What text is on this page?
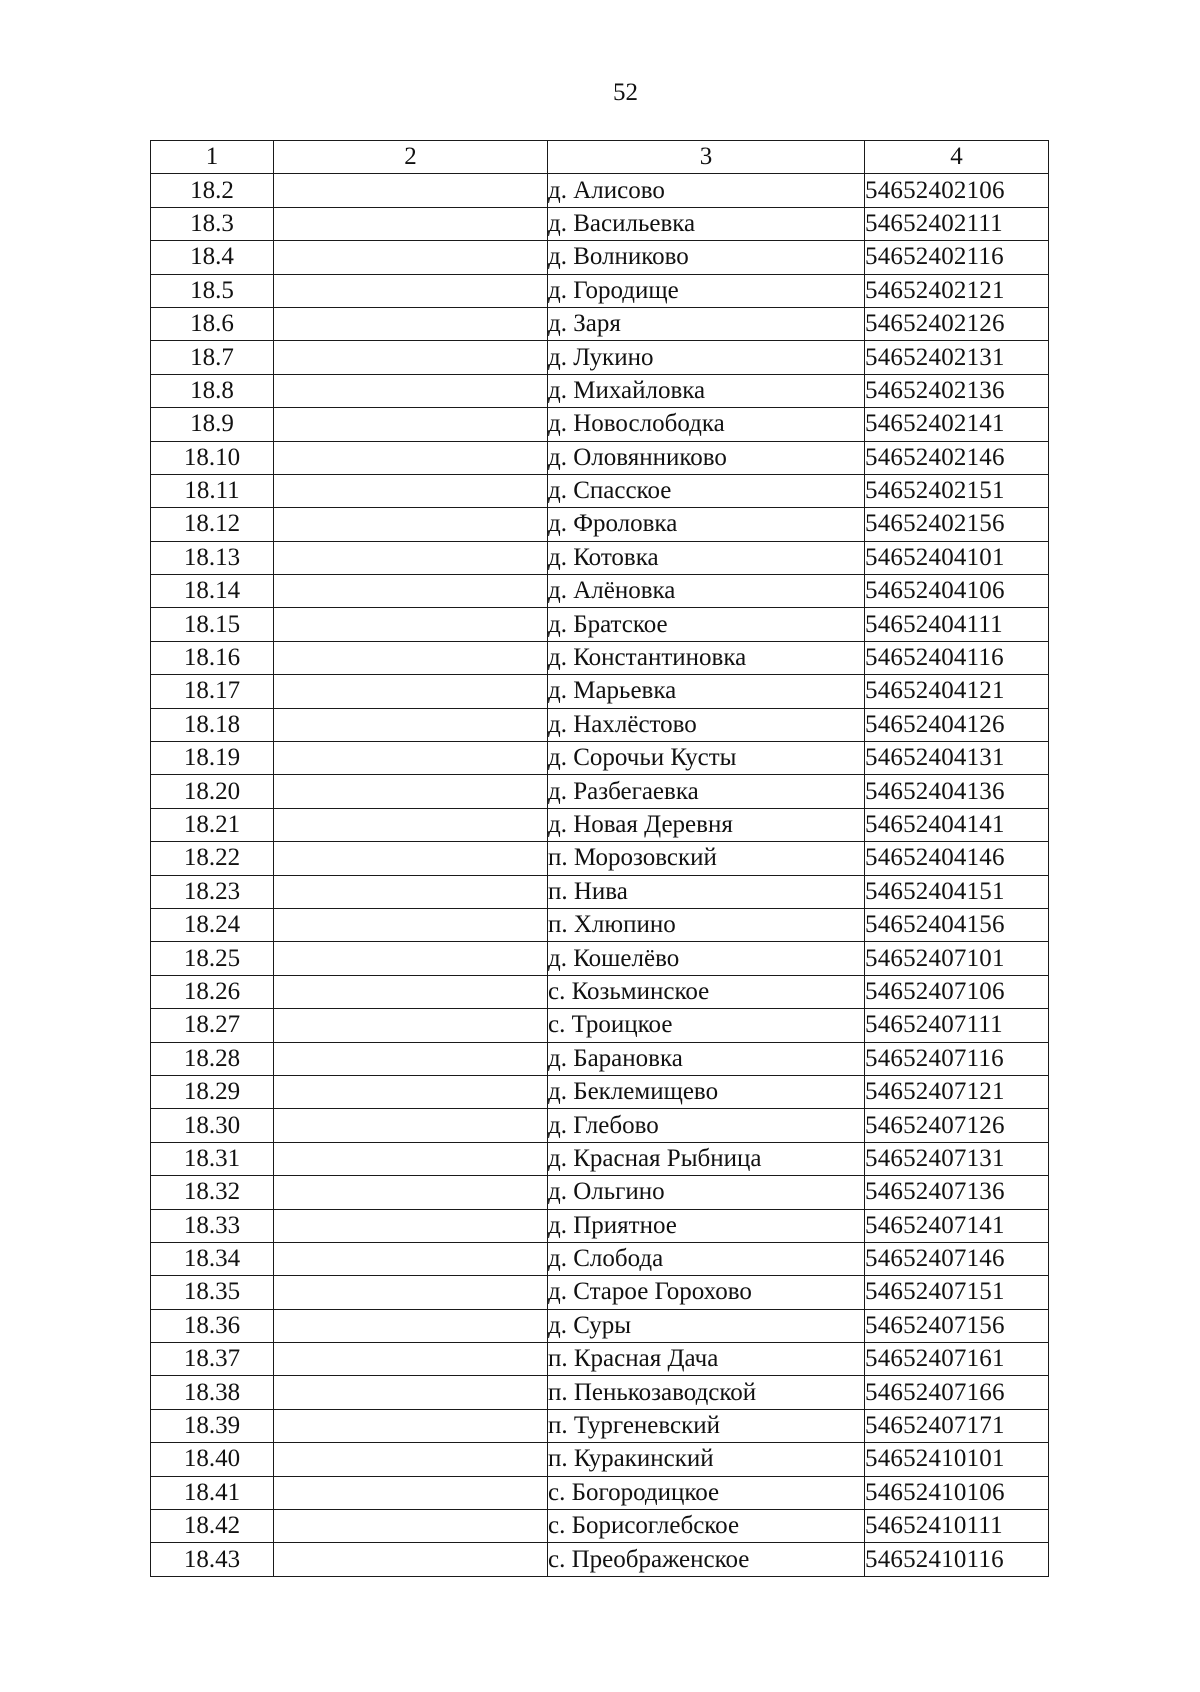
52
1	2	3	4
18.2		д. Алисово	54652402106
18.3		д. Васильевка	54652402111
18.4		д. Волниково	54652402116
18.5		д. Городище	54652402121
18.6		д. Заря	54652402126
18.7		д. Лукино	54652402131
18.8		д. Михайловка	54652402136
18.9		д. Новослободка	54652402141
18.10		д. Оловянниково	54652402146
18.11		д. Спасское	54652402151
18.12		д. Фроловка	54652402156
18.13		д. Котовка	54652404101
18.14		д. Алёновка	54652404106
18.15		д. Братское	54652404111
18.16		д. Константиновка	54652404116
18.17		д. Марьевка	54652404121
18.18		д. Нахлёстово	54652404126
18.19		д. Сорочьи Кусты	54652404131
18.20		д. Разбегаевка	54652404136
18.21		д. Новая Деревня	54652404141
18.22		п. Морозовский	54652404146
18.23		п. Нива	54652404151
18.24		п. Хлюпино	54652404156
18.25		д. Кошелёво	54652407101
18.26		с. Козьминское	54652407106
18.27		с. Троицкое	54652407111
18.28		д. Барановка	54652407116
18.29		д. Беклемищево	54652407121
18.30		д. Глебово	54652407126
18.31		д. Красная Рыбница	54652407131
18.32		д. Ольгино	54652407136
18.33		д. Приятное	54652407141
18.34		д. Слобода	54652407146
18.35		д. Старое Горохово	54652407151
18.36		д. Суры	54652407156
18.37		п. Красная Дача	54652407161
18.38		п. Пенькозаводской	54652407166
18.39		п. Тургеневский	54652407171
18.40		п. Куракинский	54652410101
18.41		с. Богородицкое	54652410106
18.42		с. Борисоглебское	54652410111
18.43		с. Преображенское	54652410116
